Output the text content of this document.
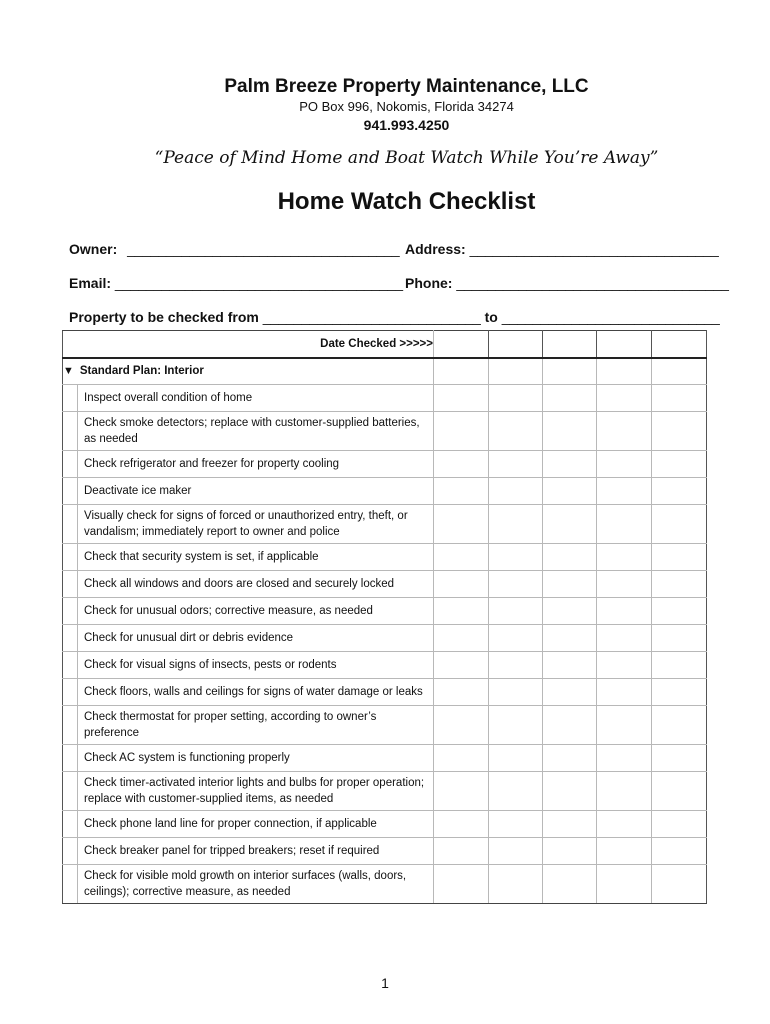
Palm Breeze Property Maintenance, LLC
PO Box 996, Nokomis, Florida 34274
941.993.4250
“Peace of Mind Home and Boat Watch While You’re Away”
Home Watch Checklist
Owner: ___________________________________ Address: ________________________________
Email: _____________________________________ Phone: ___________________________________
Property to be checked from ____________________________ to ____________________________
Date Checked >>>>>					
▼ Standard Plan: Interior					

Inspect overall condition of home					

Check smoke detectors; replace with customer-supplied batteries, as needed					

Check refrigerator and freezer for property cooling					

Deactivate ice maker					

Visually check for signs of forced or unauthorized entry, theft, or vandalism; immediately report to owner and police					

Check that security system is set, if applicable					

Check all windows and doors are closed and securely locked					

Check for unusual odors; corrective measure, as needed					

Check for unusual dirt or debris evidence					

Check for visual signs of insects, pests or rodents					

Check floors, walls and ceilings for signs of water damage or leaks					

Check thermostat for proper setting, according to owner’s preference					

Check AC system is functioning properly					

Check timer-activated interior lights and bulbs for proper operation; replace with customer-supplied items, as needed					

Check phone land line for proper connection, if applicable					

Check breaker panel for tripped breakers; reset if required					

Check for visible mold growth on interior surfaces (walls, doors, ceilings); corrective measure, as needed					

1
